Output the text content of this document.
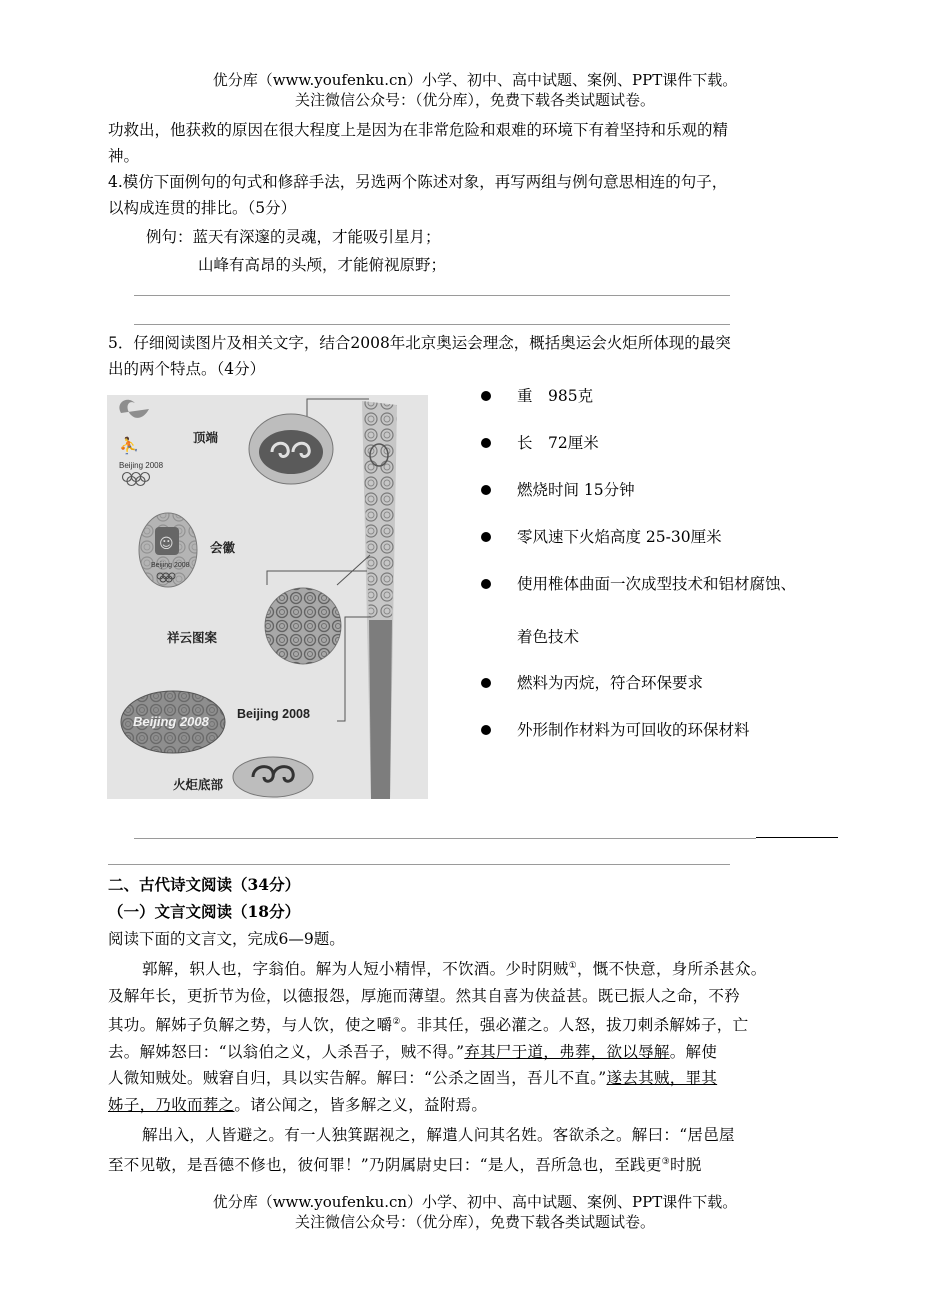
优分库（www.youfenku.cn）小学、初中、高中试题、案例、PPT课件下载。
关注微信公众号：（优分库），免费下载各类试题试卷。
功救出，他获救的原因在很大程度上是因为在非常危险和艰难的环境下有着坚持和乐观的精
神。
4.模仿下面例句的句式和修辞手法，另选两个陈述对象，再写两组与例句意思相连的句子，
以构成连贯的排比。（5分）
例句：蓝天有深邃的灵魂，才能吸引星月；
山峰有高昂的头颅，才能俯视原野；
5．仔细阅读图片及相关文字，结合2008年北京奥运会理念，概括奥运会火炬所体现的最突
出的两个特点。（4分）
⛹
Beijing 2008
☺
Beijing 2008
Beijing 2008
顶端
会徽
祥云图案
Beijing 2008
火炬底部
重　985克
长　72厘米
燃烧时间 15分钟
零风速下火焰高度 25-30厘米
使用椎体曲面一次成型技术和铝材腐蚀、
着色技术
燃料为丙烷，符合环保要求
外形制作材料为可回收的环保材料
二、古代诗文阅读（34分）
（一）文言文阅读（18分）
阅读下面的文言文，完成6—9题。
郭解，轵人也，字翁伯。解为人短小精悍，不饮酒。少时阴贼①，慨不快意，身所杀甚众。
及解年长，更折节为俭，以德报怨，厚施而薄望。然其自喜为侠益甚。既已振人之命，不矜
其功。解姊子负解之势，与人饮，使之嚼②。非其任，强必灌之。人怒，拔刀刺杀解姊子，亡
去。解姊怒曰：“以翁伯之义，人杀吾子，贼不得。”弃其尸于道，弗葬，欲以辱解。解使
人微知贼处。贼窘自归，具以实告解。解曰：“公杀之固当，吾儿不直。”遂去其贼，罪其
姊子，乃收而葬之。诸公闻之，皆多解之义，益附焉。
解出入，人皆避之。有一人独箕踞视之，解遣人问其名姓。客欲杀之。解曰：“居邑屋
至不见敬，是吾德不修也，彼何罪！”乃阴属尉史曰：“是人，吾所急也，至践更③时脱
优分库（www.youfenku.cn）小学、初中、高中试题、案例、PPT课件下载。
关注微信公众号：（优分库），免费下载各类试题试卷。
